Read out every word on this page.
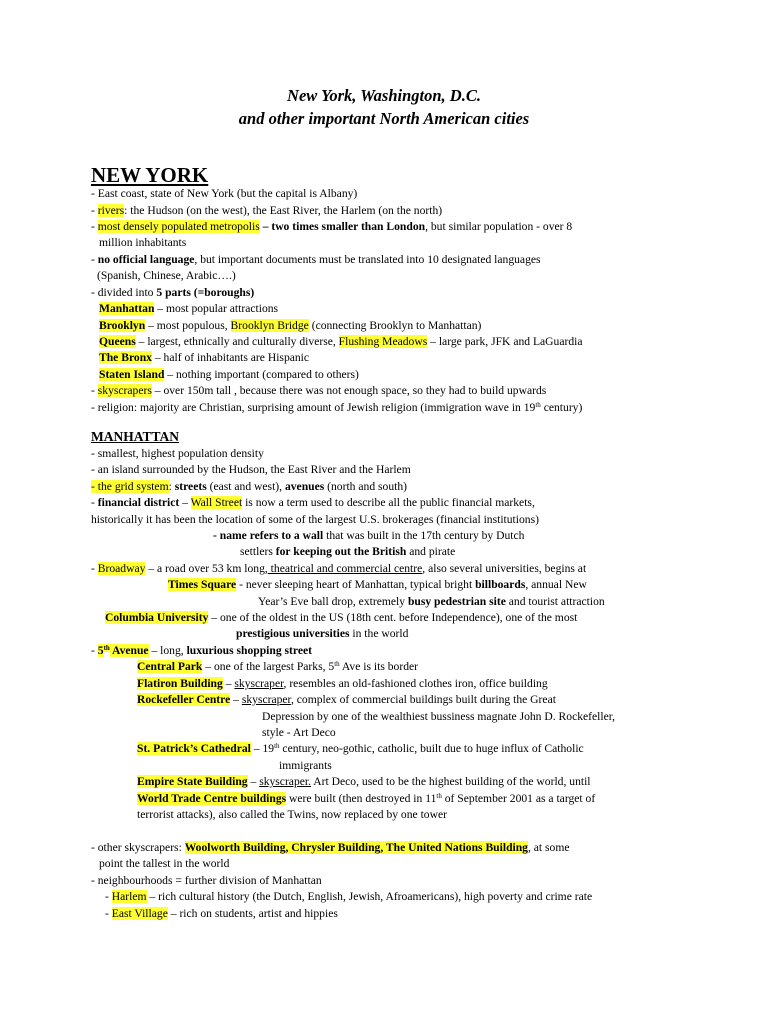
New York, Washington, D.C.
and other important North American cities
NEW YORK
- East coast, state of New York (but the capital is Albany)
- rivers: the Hudson (on the west), the East River, the Harlem (on the north)
- most densely populated metropolis – two times smaller than London, but similar population - over 8
million inhabitants
- no official language, but important documents must be translated into 10 designated languages
(Spanish, Chinese, Arabic….)
- divided into 5 parts (=boroughs)
Manhattan – most popular attractions
Brooklyn – most populous, Brooklyn Bridge (connecting Brooklyn to Manhattan)
Queens – largest, ethnically and culturally diverse, Flushing Meadows – large park, JFK and LaGuardia
The Bronx – half of inhabitants are Hispanic
Staten Island – nothing important (compared to others)
- skyscrapers – over 150m tall , because there was not enough space, so they had to build upwards
- religion: majority are Christian, surprising amount of Jewish religion (immigration wave in 19th century)
MANHATTAN
- smallest, highest population density
- an island surrounded by the Hudson, the East River and the Harlem
- the grid system: streets (east and west), avenues (north and south)
- financial district – Wall Street is now a term used to describe all the public financial markets,
historically it has been the location of some of the largest U.S. brokerages (financial institutions)
- name refers to a wall that was built in the 17th century by Dutch
settlers for keeping out the British and pirate
- Broadway – a road over 53 km long, theatrical and commercial centre, also several universities, begins at
Times Square - never sleeping heart of Manhattan, typical bright billboards, annual New
Year’s Eve ball drop, extremely busy pedestrian site and tourist attraction
Columbia University – one of the oldest in the US (18th cent. before Independence), one of the most
prestigious universities in the world
- 5th Avenue – long, luxurious shopping street
Central Park – one of the largest Parks, 5th Ave is its border
Flatiron Building – skyscraper, resembles an old-fashioned clothes iron, office building
Rockefeller Centre – skyscraper, complex of commercial buildings built during the Great
Depression by one of the wealthiest bussiness magnate John D. Rockefeller,
style - Art Deco
St. Patrick’s Cathedral – 19th century, neo-gothic, catholic, built due to huge influx of Catholic
immigrants
Empire State Building – skyscraper. Art Deco, used to be the highest building of the world, until
World Trade Centre buildings were built (then destroyed in 11th of September 2001 as a target of
terrorist attacks), also called the Twins, now replaced by one tower
- other skyscrapers: Woolworth Building, Chrysler Building, The United Nations Building, at some
point the tallest in the world
- neighbourhoods = further division of Manhattan
- Harlem – rich cultural history (the Dutch, English, Jewish, Afroamericans), high poverty and crime rate
- East Village – rich on students, artist and hippies
